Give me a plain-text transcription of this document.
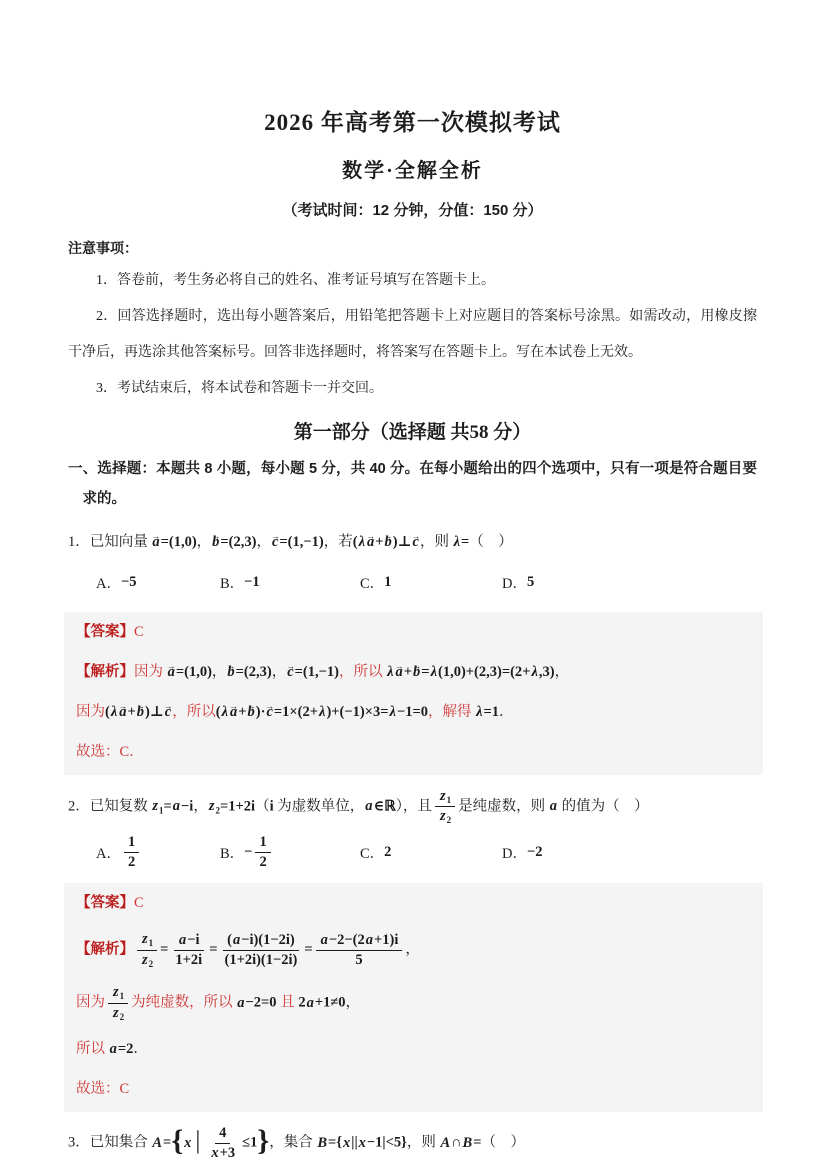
2026 年高考第一次模拟考试
数学·全解全析
（考试时间：12 分钟，分值：150 分）
注意事项：

1．答卷前，考生务必将自己的姓名、准考证号填写在答题卡上。

2．回答选择题时，选出每小题答案后，用铅笔把答题卡上对应题目的答案标号涂黑。如需改动，用橡皮擦干净后，再选涂其他答案标号。回答非选择题时，将答案写在答题卡上。写在本试卷上无效。

3．考试结束后，将本试卷和答题卡一并交回。

第一部分（选择题 共58 分）

一、选择题：本题共 8 小题，每小题 5 分，共 40 分。在每小题给出的四个选项中，只有一项是符合题目要求的。

1．已知向量 a →=(1,0)，b →=(2,3)，c →=(1,−1)，若(λ a →+b →)⊥c →，则 λ=（　）

A． −5	B． −1	C． 1	D． 5

【答案】C

【解析】因为 a →=(1,0)，b →=(2,3)，c →=(1,−1)，所以 λ a →+b →=λ(1,0)+(2,3)=(2+λ,3)，

因为(λ a →+b →)⊥c →，所以(λ a →+b →)·c →=1×(2+λ)+(−1)×3=λ−1=0，解得 λ=1．

故选：C．

2．已知复数 $z_1=a-i$，$z_2=1+2i(i$ 为虚数单位，a∈ℝ），且 $\frac{z_1}{z_2}$ 是纯虚数，则 a 的值为（　）

A． $\frac{1}{2}$	B． − $\frac{1}{2}$	C． 2	D． −2

【答案】C

【解析】 $\frac{z_1}{z_2} = \frac{a-i}{1+2i} = \frac{(a-i)(1-2i)}{(1+2i)(1-2i)} = \frac{a-2-(2a+1)i}{5}$ ，

因为 $\frac{z_1}{z_2}$ 为纯虚数，所以 a−2=0 且 2a+1≠0，

所以 a=2．

故选：C

3．已知集合 A={x | $\frac{4}{x+3} \le 1$}，集合 B={x||x−1|<5}，则 A∩B=（　）
